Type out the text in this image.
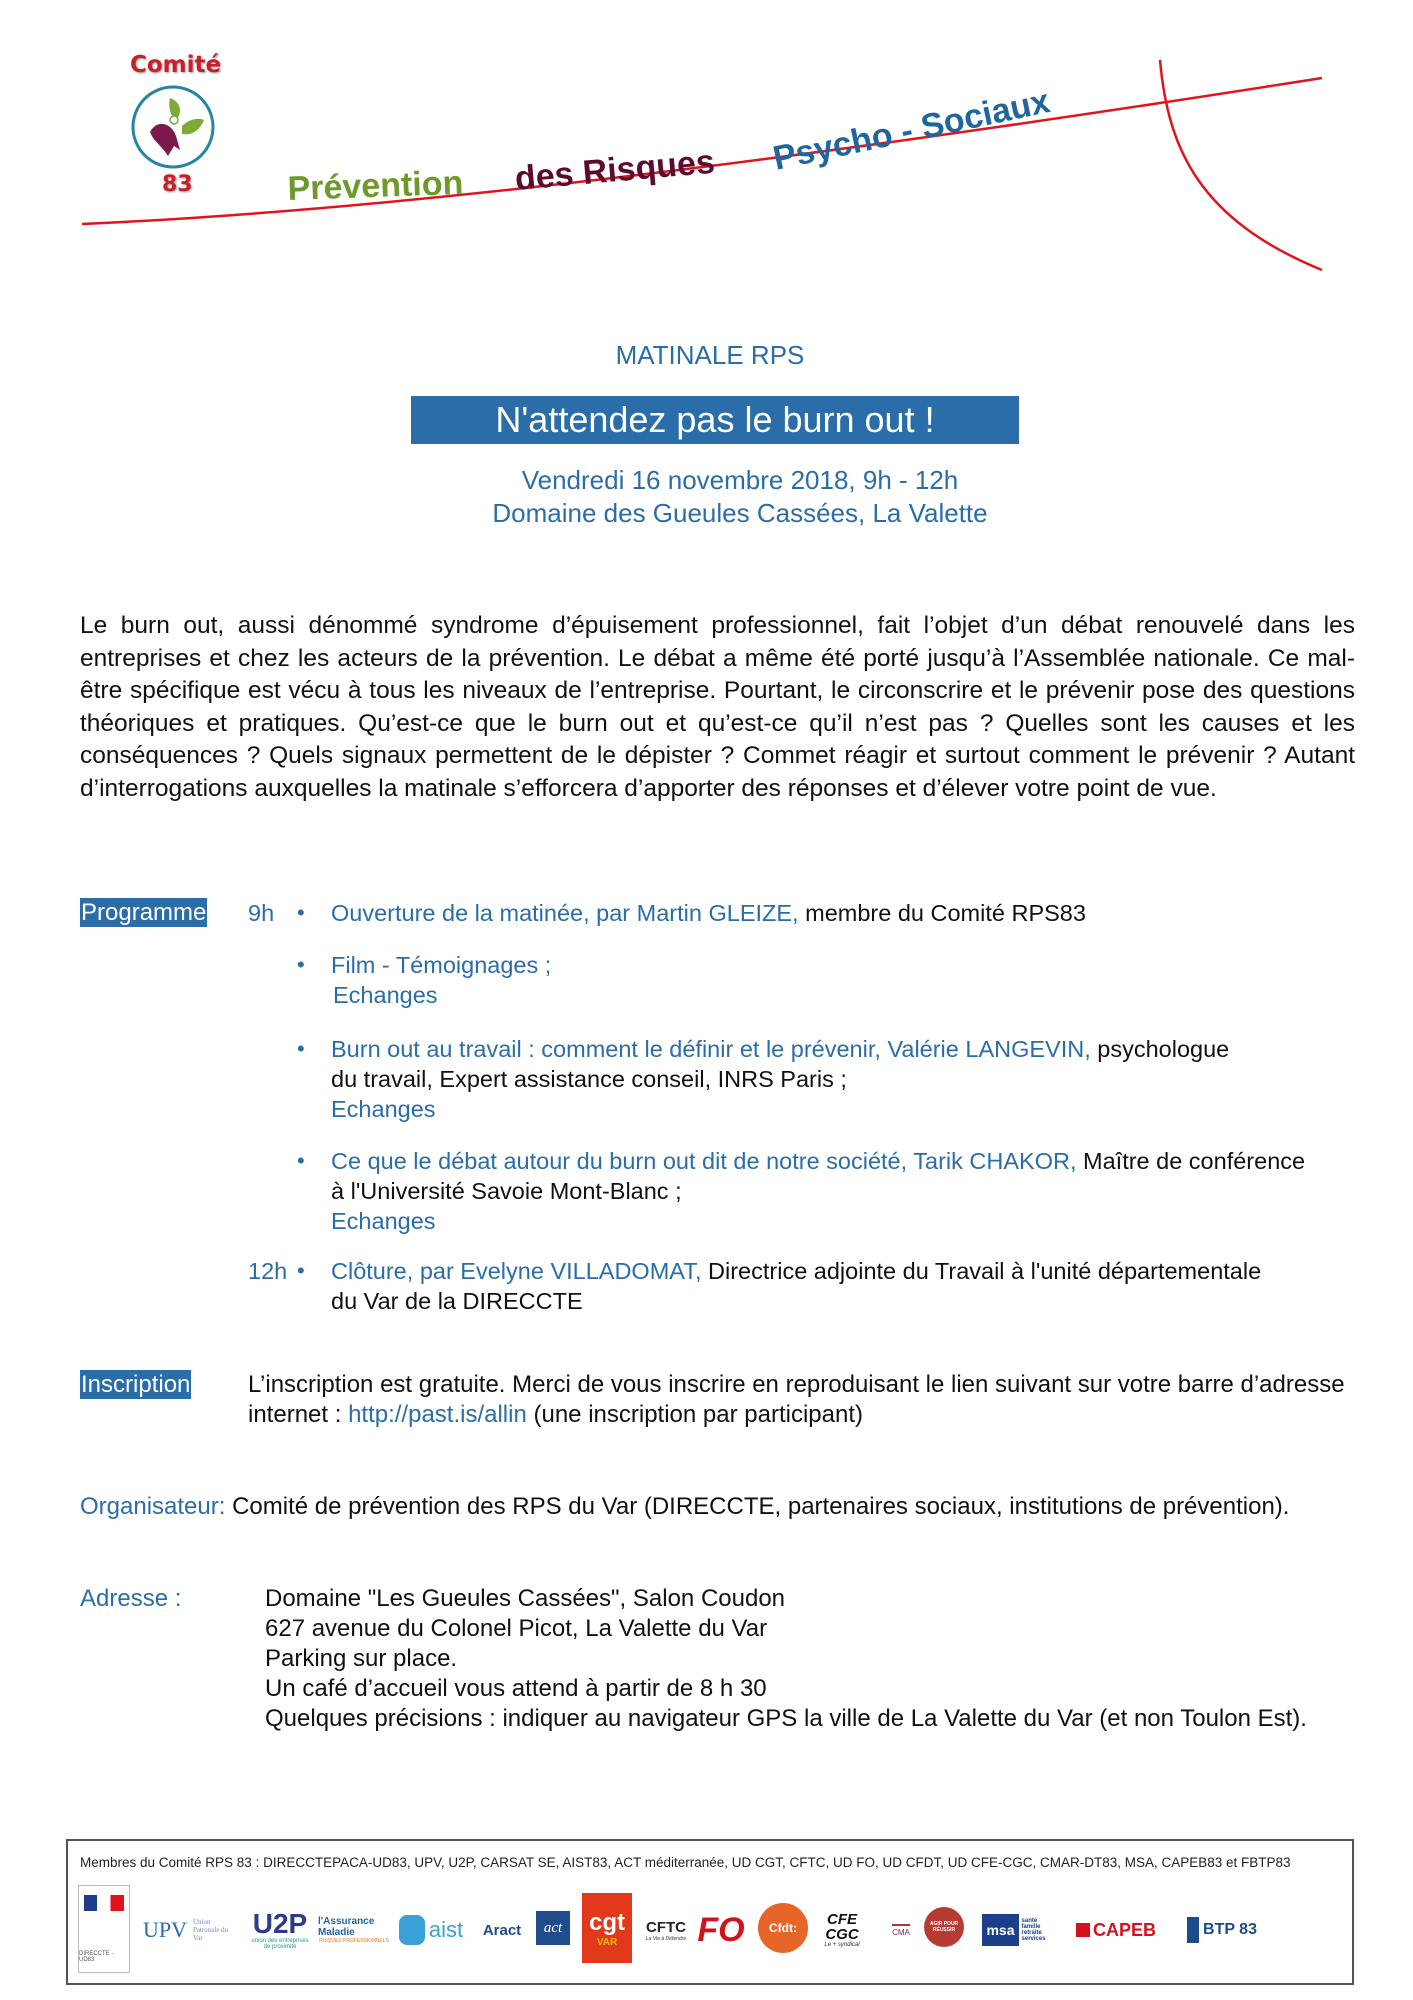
Prévention des Risques Psycho - Sociaux
Comité
83
MATINALE RPS
N'attendez pas le burn out !
Vendredi 16 novembre 2018, 9h - 12h
Domaine des Gueules Cassées, La Valette
Le burn out, aussi dénommé syndrome d’épuisement professionnel, fait l’objet d’un débat renouvelé dans les entreprises et chez les acteurs de la prévention. Le débat a même été porté jusqu’à l’Assemblée nationale. Ce mal-être spécifique est vécu à tous les niveaux de l’entreprise. Pourtant, le circonscrire et le prévenir pose des questions théoriques et pratiques. Qu’est-ce que le burn out et qu’est-ce qu’il n’est pas ? Quelles sont les causes et les conséquences ? Quels signaux permettent de le dépister ? Commet réagir et surtout comment le prévenir ? Autant d’interrogations auxquelles la matinale s’efforcera d’apporter des réponses et d’élever votre point de vue.
Programme 9h • Ouverture de la matinée, par Martin GLEIZE, membre du Comité RPS83
• Film - Témoignages ;
Echanges
• Burn out au travail : comment le définir et le prévenir, Valérie LANGEVIN, psychologue
du travail, Expert assistance conseil, INRS Paris ;
Echanges
• Ce que le débat autour du burn out dit de notre société, Tarik CHAKOR, Maître de conférence
à l'Université Savoie Mont-Blanc ;
Echanges
12h • Clôture, par Evelyne VILLADOMAT, Directrice adjointe du Travail à l'unité départementale
du Var de la DIRECCTE
Inscription L’inscription est gratuite. Merci de vous inscrire en reproduisant le lien suivant sur votre barre d’adresse
internet : http://past.is/allin (une inscription par participant)
Organisateur: Comité de prévention des RPS du Var (DIRECCTE, partenaires sociaux, institutions de prévention).
Adresse :	Domaine "Les Gueules Cassées", Salon Coudon
627 avenue du Colonel Picot, La Valette du Var
Parking sur place.
Un café d’accueil vous attend à partir de 8 h 30
Quelques précisions : indiquer au navigateur GPS la ville de La Valette du Var (et non Toulon Est).
Membres du Comité RPS 83 : DIRECCTEPACA-UD83, UPV, U2P, CARSAT SE, AIST83, ACT méditerranée, UD CGT, CFTC, UD FO, UD CFDT, UD CFE-CGC, CMAR-DT83, MSA, CAPEB83 et FBTP83
DIRECCTE - UD83
UPV Union Patronale du Var	U2P
union des entreprises de proximité
l'Assurance Maladie
RISQUES PROFESSIONNELS aist Aract act cgt
VAR
CFTC
La Vie à Défendre FO Cfdt:	CFE CGC
Le + syndical
CMA
AGIR POUR RÉUSSIR	msa
santé famille retraite services	CAPEB	BTP 83
